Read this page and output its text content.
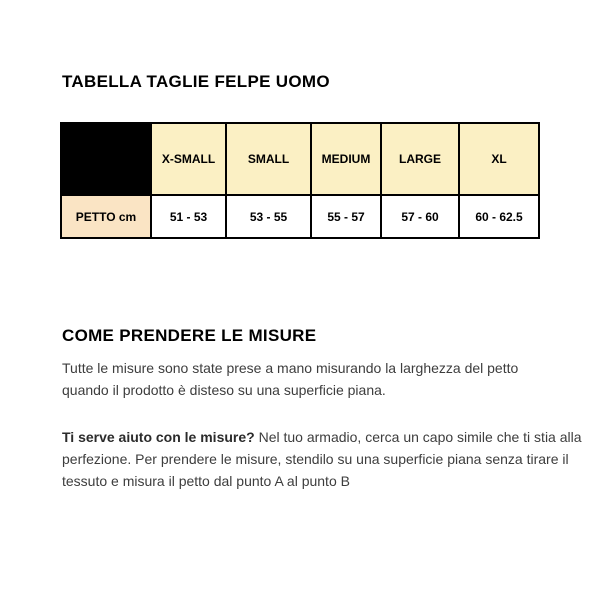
TABELLA TAGLIE FELPE UOMO
FELPE
UOMO
REGULAR	X-SMALL	SMALL	MEDIUM	LARGE	XL
PETTO cm	51 - 53	53 - 55	55 - 57	57 - 60	60 - 62.5
COME PRENDERE LE MISURE

Tutte le misure sono state prese a mano misurando la larghezza del petto quando il prodotto è disteso su una superficie piana.

Ti serve aiuto con le misure? Nel tuo armadio, cerca un capo simile che ti stia alla perfezione. Per prendere le misure, stendilo su una superficie piana senza tirare il tessuto e misura il petto dal punto A al punto B
